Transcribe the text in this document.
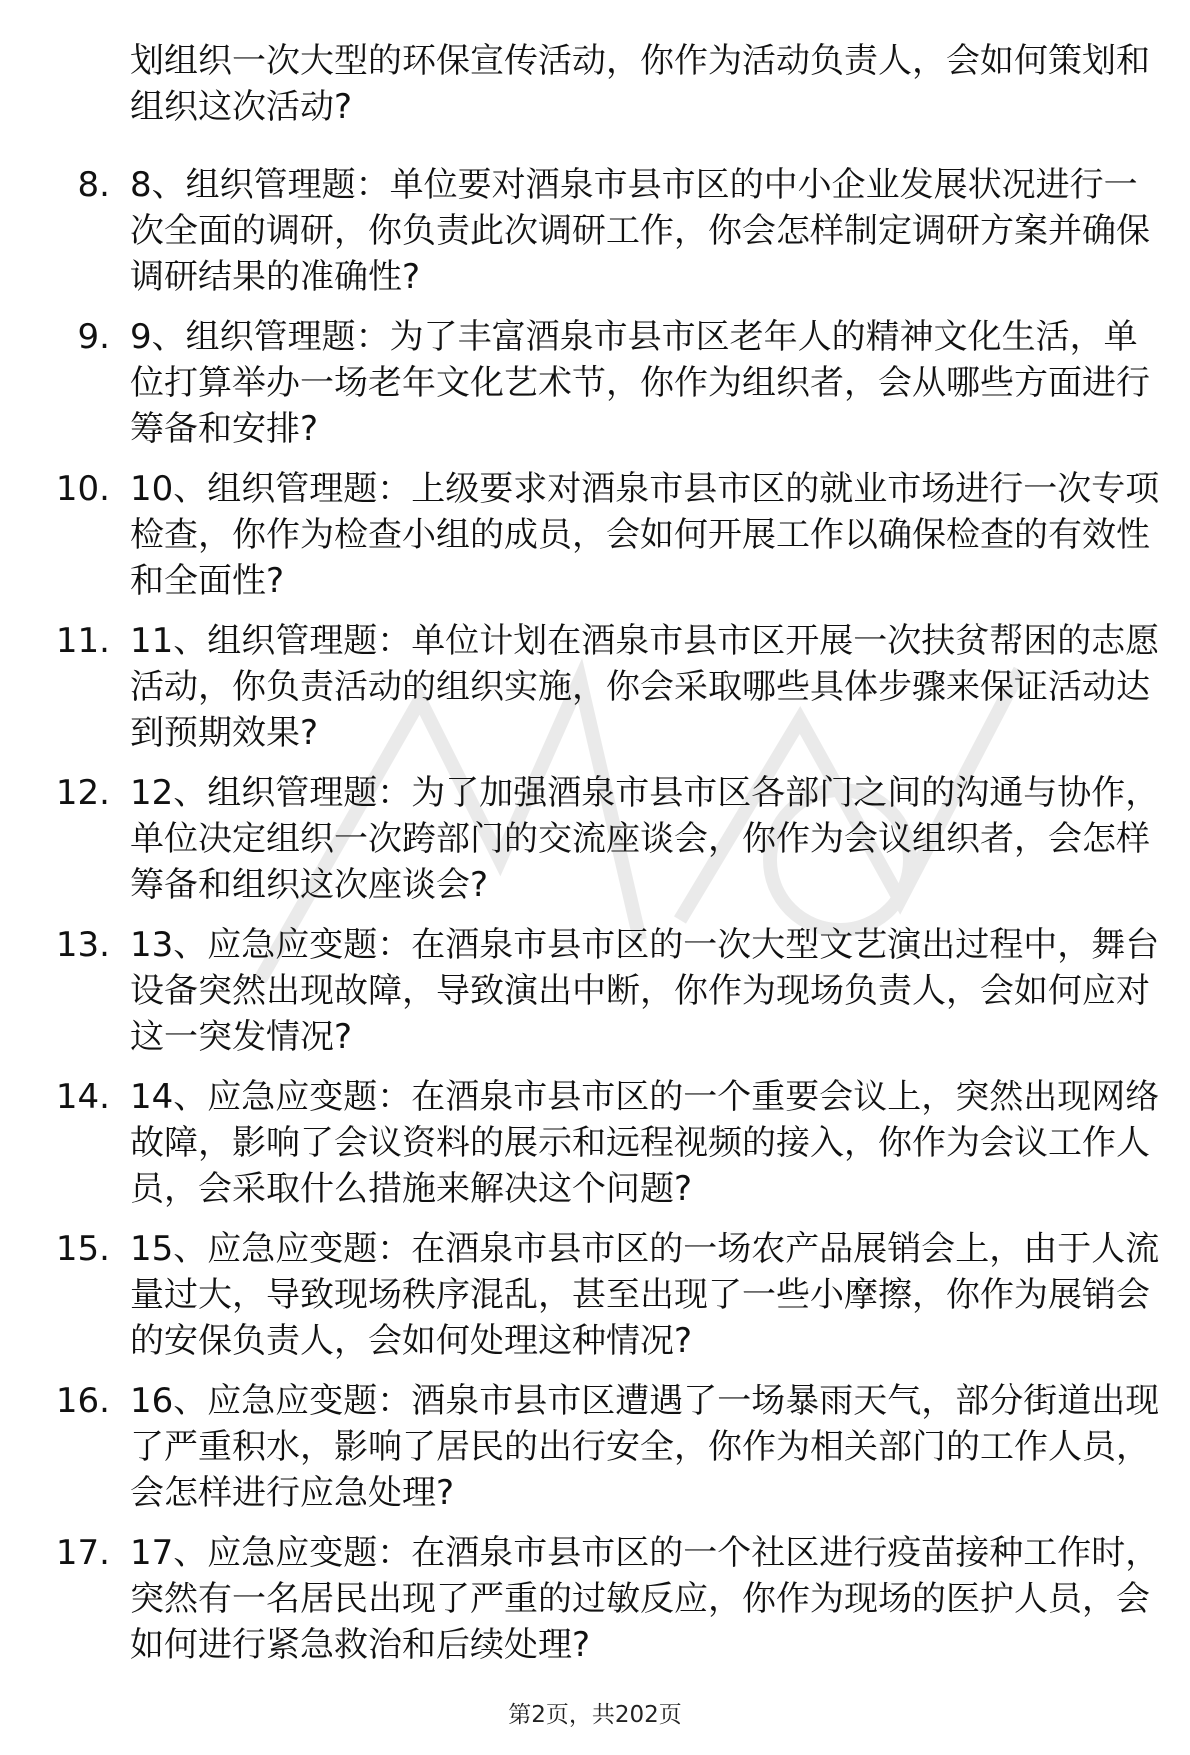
划组织一次大型的环保宣传活动，你作为活动负责人，会如何策划和组织这次活动?

8. 8、组织管理题：单位要对酒泉市县市区的中小企业发展状况进行一次全面的调研，你负责此次调研工作，你会怎样制定调研方案并确保调研结果的准确性?
9. 9、组织管理题：为了丰富酒泉市县市区老年人的精神文化生活，单位打算举办一场老年文化艺术节，你作为组织者，会从哪些方面进行筹备和安排?
10. 10、组织管理题：上级要求对酒泉市县市区的就业市场进行一次专项检查，你作为检查小组的成员，会如何开展工作以确保检查的有效性和全面性?
11. 11、组织管理题：单位计划在酒泉市县市区开展一次扶贫帮困的志愿活动，你负责活动的组织实施，你会采取哪些具体步骤来保证活动达到预期效果?
12. 12、组织管理题：为了加强酒泉市县市区各部门之间的沟通与协作，单位决定组织一次跨部门的交流座谈会，你作为会议组织者，会怎样筹备和组织这次座谈会?
13. 13、应急应变题：在酒泉市县市区的一次大型文艺演出过程中，舞台设备突然出现故障，导致演出中断，你作为现场负责人，会如何应对这一突发情况?
14. 14、应急应变题：在酒泉市县市区的一个重要会议上，突然出现网络故障，影响了会议资料的展示和远程视频的接入，你作为会议工作人员，会采取什么措施来解决这个问题?
15. 15、应急应变题：在酒泉市县市区的一场农产品展销会上，由于人流量过大，导致现场秩序混乱，甚至出现了一些小摩擦，你作为展销会的安保负责人，会如何处理这种情况?
16. 16、应急应变题：酒泉市县市区遭遇了一场暴雨天气，部分街道出现了严重积水，影响了居民的出行安全，你作为相关部门的工作人员，会怎样进行应急处理?
17. 17、应急应变题：在酒泉市县市区的一个社区进行疫苗接种工作时，突然有一名居民出现了严重的过敏反应，你作为现场的医护人员，会如何进行紧急救治和后续处理?
第2页，共202页
